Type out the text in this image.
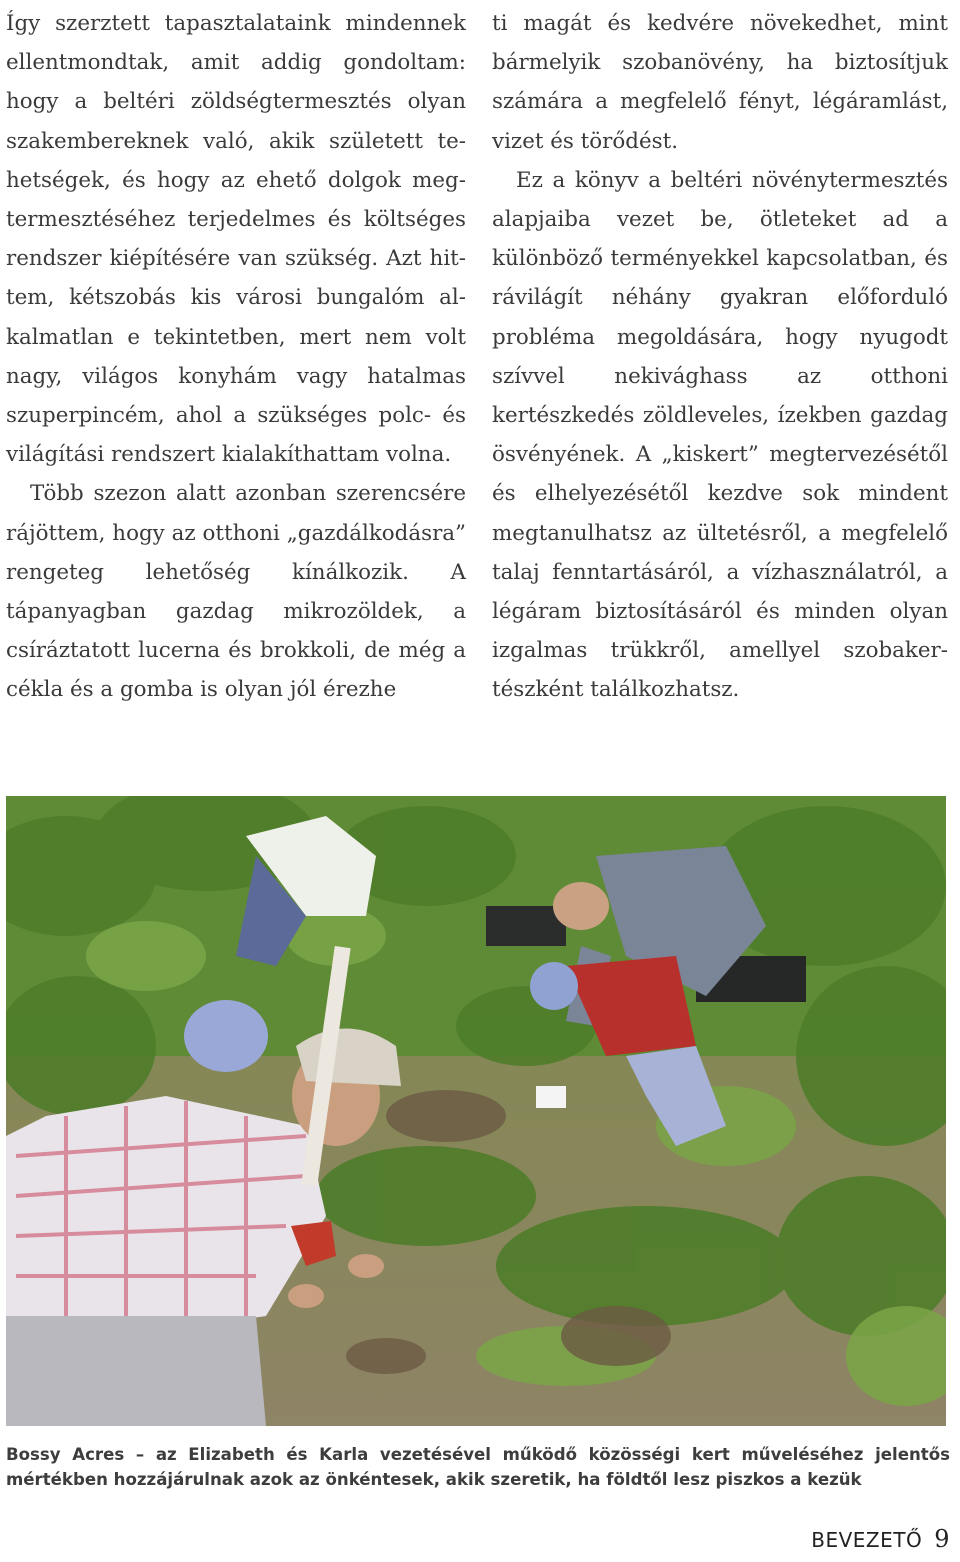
Így szerztett tapasztalataink mindennek ellentmondtak, amit addig gondoltam: hogy a beltéri zöldségtermesztés olyan szakembereknek való, akik született tehetségek, és hogy az ehető dolgok megtermesztéséhez terjedelmes és költséges rendszer kiépítésére van szükség. Azt hittem, kétszobás kis városi bungalóm alkalmatlan e tekintetben, mert nem volt nagy, világos konyhám vagy hatalmas szuperpincém, ahol a szükséges polc- és világítási rendszert kialakíthattam volna.

Több szezon alatt azonban szerencsére rájöttem, hogy az otthoni „gazdálkodásra” rengeteg lehetőség kínálkozik. A tápanyagban gazdag mikrozöldek, a csíráztatott lucerna és brokkoli, de még a cékla és a gomba is olyan jól érezhe

ti magát és kedvére növekedhet, mint bármelyik szobanövény, ha biztosítjuk számára a megfelelő fényt, légáramlást, vizet és törődést.

Ez a könyv a beltéri növénytermesztés alapjaiba vezet be, ötleteket ad a különböző terményekkel kapcsolatban, és rávilágít néhány gyakran előforduló probléma megoldására, hogy nyugodt szívvel nekivághass az otthoni kertészkedés zöldleveles, ízekben gazdag ösvényének. A „kiskert” megtervezésétől és elhelyezésétől kezdve sok mindent megtanulhatsz az ültetésről, a megfelelő talaj fenntartásáról, a vízhasználatról, a légáram biztosításáról és minden olyan izgalmas trükkről, amellyel szobakertészként találkozhatsz.

Bossy Acres – az Elizabeth és Karla vezetésével működő közösségi kert műveléséhez jelentős mértékben hozzájárulnak azok az önkéntesek, akik szeretik, ha földtől lesz piszkos a kezük
BEVEZETŐ 9
